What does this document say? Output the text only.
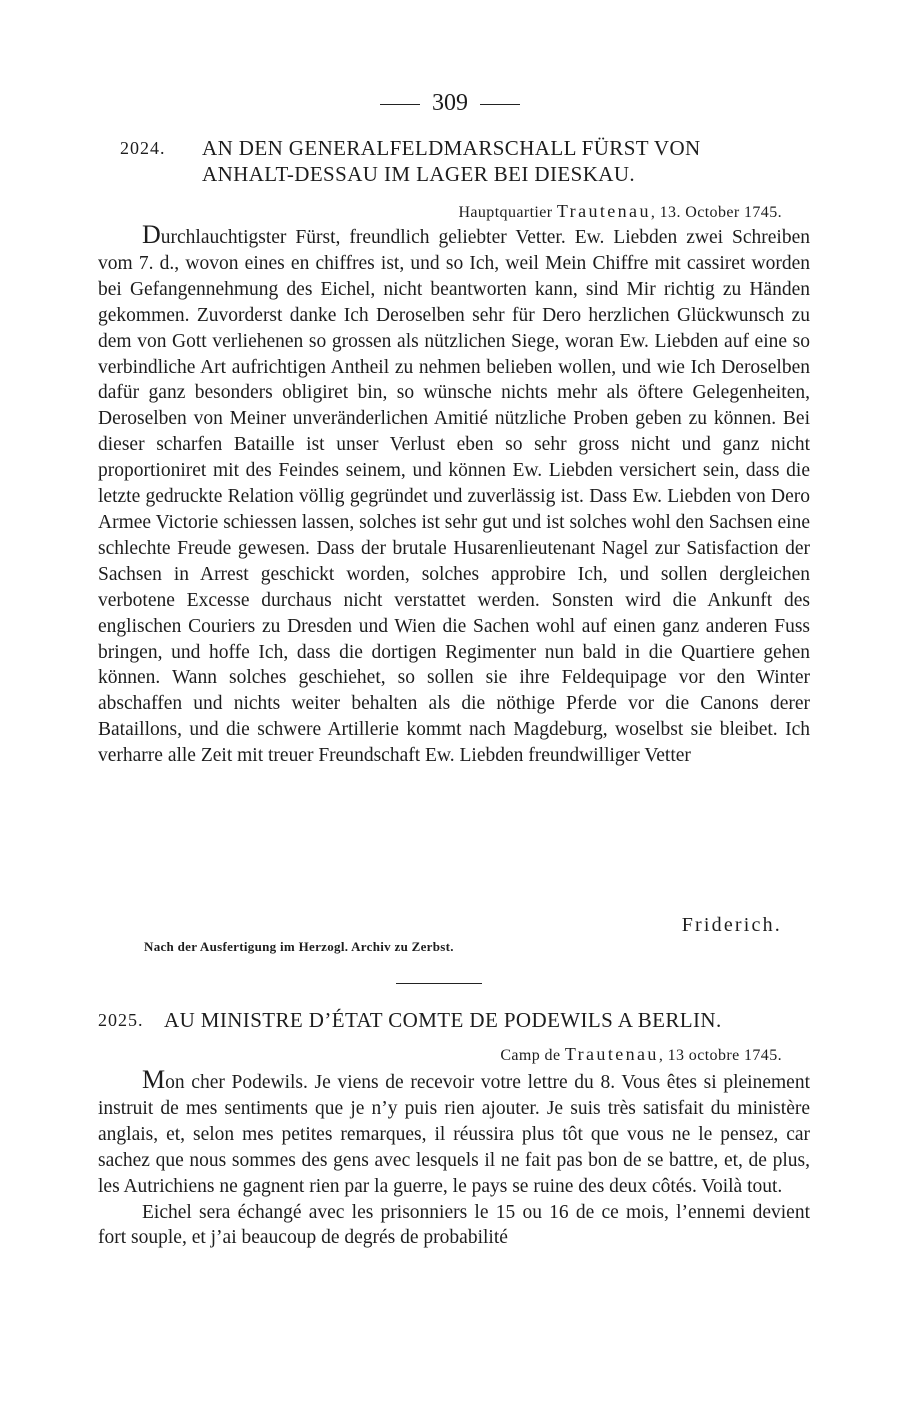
309
2024. AN DEN GENERALFELDMARSCHALL FÜRST VON
ANHALT-DESSAU IM LAGER BEI DIESKAU.
Hauptquartier Trautenau, 13. October 1745.

Durchlauchtigster Fürst, freundlich geliebter Vetter. Ew. Liebden zwei Schreiben vom 7. d., wovon eines en chiffres ist, und so Ich, weil Mein Chiffre mit cassiret worden bei Gefangennehmung des Eichel, nicht beantworten kann, sind Mir richtig zu Händen gekommen. Zuvorderst danke Ich Deroselben sehr für Dero herzlichen Glückwunsch zu dem von Gott verliehenen so grossen als nützlichen Siege, woran Ew. Liebden auf eine so verbindliche Art aufrichtigen Antheil zu nehmen belieben wollen, und wie Ich Deroselben dafür ganz besonders obligiret bin, so wünsche nichts mehr als öftere Gelegenheiten, Deroselben von Meiner unveränderlichen Amitié nützliche Proben geben zu können. Bei dieser scharfen Bataille ist unser Verlust eben so sehr gross nicht und ganz nicht proportioniret mit des Feindes seinem, und können Ew. Liebden versichert sein, dass die letzte gedruckte Relation völlig gegründet und zuverlässig ist. Dass Ew. Liebden von Dero Armee Victorie schiessen lassen, solches ist sehr gut und ist solches wohl den Sachsen eine schlechte Freude gewesen. Dass der brutale Husarenlieutenant Nagel zur Satisfaction der Sachsen in Arrest geschickt worden, solches approbire Ich, und sollen dergleichen verbotene Excesse durchaus nicht verstattet werden. Sonsten wird die Ankunft des englischen Couriers zu Dresden und Wien die Sachen wohl auf einen ganz anderen Fuss bringen, und hoffe Ich, dass die dortigen Regimenter nun bald in die Quartiere gehen können. Wann solches geschiehet, so sollen sie ihre Feldequipage vor den Winter abschaffen und nichts weiter behalten als die nöthige Pferde vor die Canons derer Bataillons, und die schwere Artillerie kommt nach Magdeburg, woselbst sie bleibet. Ich verharre alle Zeit mit treuer Freundschaft Ew. Liebden freundwilliger Vetter

Friderich.
Nach der Ausfertigung im Herzogl. Archiv zu Zerbst.
2025. AU MINISTRE D’ÉTAT COMTE DE PODEWILS A BERLIN.
Camp de Trautenau, 13 octobre 1745.

Mon cher Podewils. Je viens de recevoir votre lettre du 8. Vous êtes si pleinement instruit de mes sentiments que je n’y puis rien ajouter. Je suis très satisfait du ministère anglais, et, selon mes petites remarques, il réussira plus tôt que vous ne le pensez, car sachez que nous sommes des gens avec lesquels il ne fait pas bon de se battre, et, de plus, les Autrichiens ne gagnent rien par la guerre, le pays se ruine des deux côtés. Voilà tout.

Eichel sera échangé avec les prisonniers le 15 ou 16 de ce mois, l’ennemi devient fort souple, et j’ai beaucoup de degrés de probabilité
